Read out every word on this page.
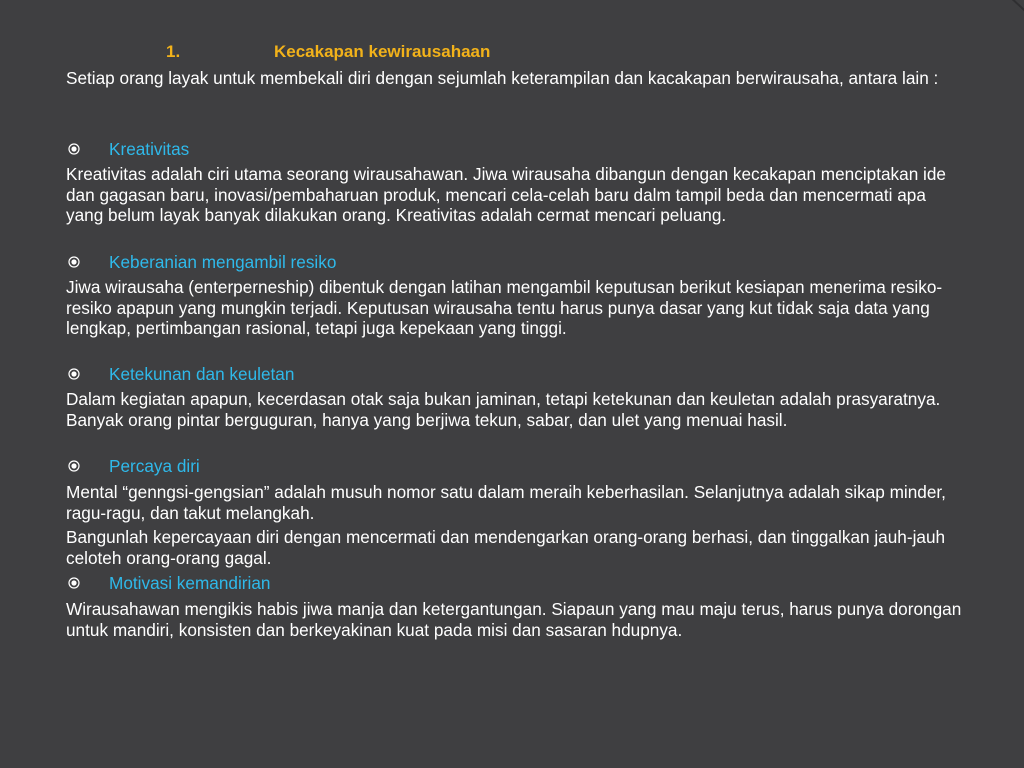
1.	Kecakapan kewirausahaan

Setiap orang layak untuk membekali diri dengan sejumlah keterampilan dan kacakapan berwirausaha, antara lain :

Kreativitas

Kreativitas adalah ciri utama seorang wirausahawan. Jiwa wirausaha dibangun dengan kecakapan menciptakan ide dan gagasan baru, inovasi/pembaharuan produk, mencari cela-celah baru dalm tampil beda dan mencermati apa yang belum layak banyak dilakukan orang. Kreativitas adalah cermat mencari peluang.

Keberanian mengambil resiko

Jiwa wirausaha (enterperneship) dibentuk dengan latihan mengambil keputusan berikut kesiapan menerima resiko-resiko apapun yang mungkin terjadi. Keputusan wirausaha tentu harus punya dasar yang kut tidak saja data yang lengkap, pertimbangan rasional, tetapi juga kepekaan yang tinggi.

Ketekunan dan keuletan

Dalam kegiatan apapun, kecerdasan otak saja bukan jaminan, tetapi ketekunan dan keuletan adalah prasyaratnya. Banyak orang pintar berguguran, hanya yang berjiwa tekun, sabar, dan ulet yang menuai hasil.

Percaya diri

Mental “genngsi-gengsian” adalah musuh nomor satu dalam meraih keberhasilan. Selanjutnya adalah sikap minder, ragu-ragu, dan takut melangkah.

Bangunlah kepercayaan diri dengan mencermati dan mendengarkan orang-orang berhasi, dan tinggalkan jauh-jauh celoteh orang-orang gagal.

Motivasi kemandirian

Wirausahawan mengikis habis jiwa manja dan ketergantungan. Siapaun yang mau maju terus, harus punya dorongan untuk mandiri, konsisten dan berkeyakinan kuat pada misi dan sasaran hdupnya.
